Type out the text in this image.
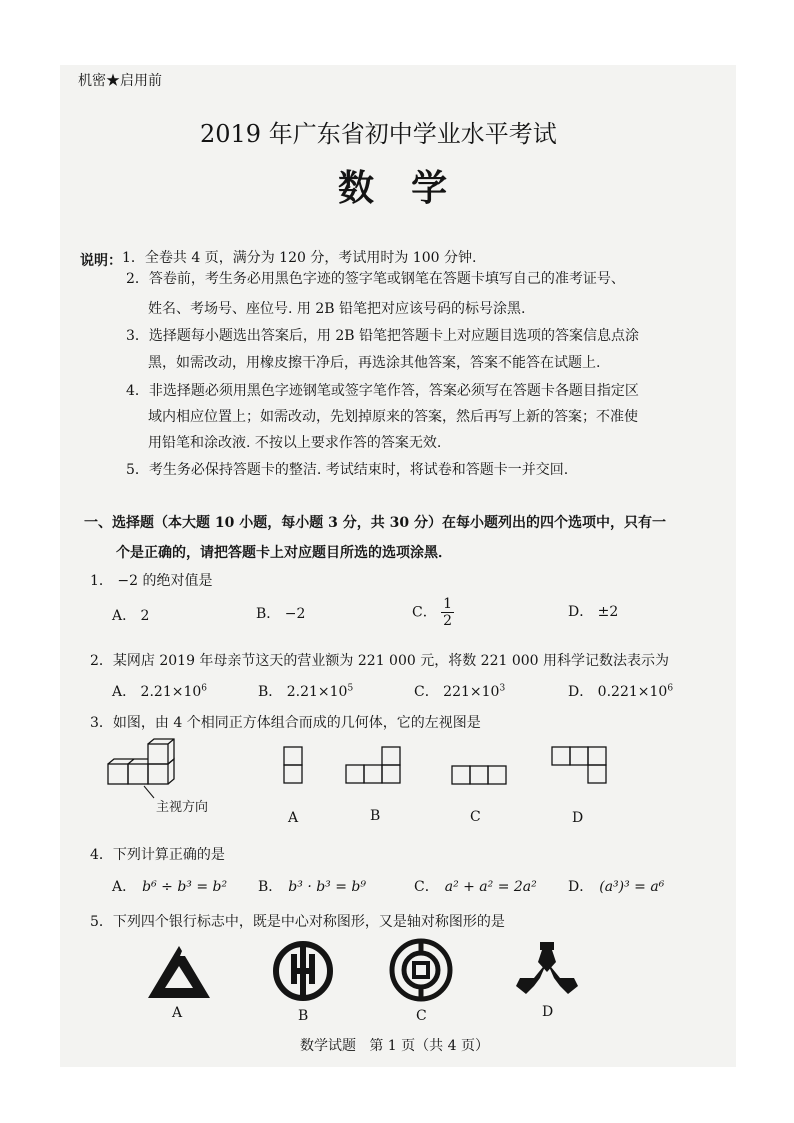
机密★启用前
2019 年广东省初中学业水平考试
数  学
说明： 1．全卷共 4 页，满分为 120 分，考试用时为 100 分钟.
2．答卷前，考生务必用黑色字迹的签字笔或钢笔在答题卡填写自己的准考证号、
姓名、考场号、座位号. 用 2B 铅笔把对应该号码的标号涂黑.
3．选择题每小题选出答案后，用 2B 铅笔把答题卡上对应题目选项的答案信息点涂
黑，如需改动，用橡皮擦干净后，再选涂其他答案，答案不能答在试题上.
4．非选择题必须用黑色字迹钢笔或签字笔作答，答案必须写在答题卡各题目指定区
域内相应位置上；如需改动，先划掉原来的答案，然后再写上新的答案；不准使
用铅笔和涂改液. 不按以上要求作答的答案无效.
5．考生务必保持答题卡的整洁. 考试结束时，将试卷和答题卡一并交回.
一、选择题（本大题 10 小题，每小题 3 分，共 30 分）在每小题列出的四个选项中，只有一
个是正确的，请把答题卡上对应题目所选的选项涂黑．
1． −2 的绝对值是
A． 2	B． −2	C． $\frac{1}{2}$	D． ±2
2．某网店 2019 年母亲节这天的营业额为 221 000 元，将数 221 000 用科学记数法表示为
A． $2.21\times 10^6$	B． $2.21\times 10^5$	C． $221\times 10^3$	D． $0.221\times 10^6$
3．如图，由 4 个相同正方体组合而成的几何体，它的左视图是
主视方向
A	B	C	D
4．下列计算正确的是
A． b⁶ ÷ b³ = b² B． b³ · b³ = b⁹	C． a² + a² = 2a² D． (a³)³ = a⁶
5．下列四个银行标志中，既是中心对称图形，又是轴对称图形的是
A	B	C	D
数学试题   第 1 页（共 4 页）
